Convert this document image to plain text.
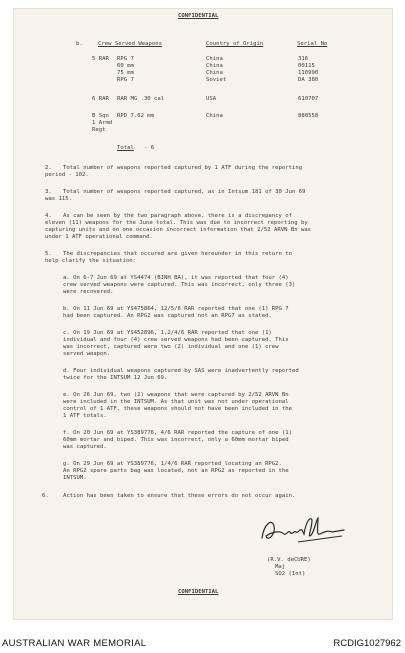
CONFIDENTIAL
b.	Crew Served Weapons	Country of Origin	Serial No
5 RAR RPG 7	China	316
60 mm	China	00115
75 mm	China	110990
RPG 7	Soviet	DA 380
6 RAR RAR MG .30 cal	USA	610707
B Sqn RPD 7.62 mm	China	880558
1 Armd
Regt
Total - 6
2. Total number of weapons reported captured by 1 ATF during the reporting
period - 102.
3. Total number of weapons reported captured, as in Intsum 181 of 30 Jun 69
was 115.
4. As can be seen by the two paragraph above, there is a discrepancy of
eleven (11) weapons for the June total. This was due to incorrect reporting by
capturing units and on one occasion incorrect information that 2/52 ARVN Bn was
under 1 ATF operational command.
5. The discrepancies that occured are given hereunder in this return to
help clarify the situation:
a. On 6-7 Jun 69 at YS4474 (BINH BA), it was reported that four (4)
crew served weapons were captured. This was incorrect, only three (3)
were recovered.
b. On 11 Jun 69 at YS475864, 12/5/6 RAR reported that one (1) RPG 7
had been captured. An RPG2 was captured not an RPG7 as stated.
c. On 19 Jun 69 at YS452896, 1,2/4/6 RAR reported that one (1)
individual and four (4) crew served weapons had been captured. This
was incorrect, captured were two (2) individual and one (1) crew
served weapon.
d. Four individual weapons captured by SAS were inadvertently reported
twice for the INTSUM 12 Jun 69.
e. On 26 Jun 69, two (2) weapons that were captured by 2/52 ARVN Bn
were included in the INTSUM. As that unit was not under operational
control of 1 ATF, these weapons should not have been included in the
1 ATF totals.
f. On 20 Jun 69 at YS389776, 4/6 RAR reported the capture of one (1)
60mm mortar and biped. This was incorrect, only a 60mm mortar biped
was captured.
g. On 29 Jun 69 at YS389776, 1/4/6 RAR reported locating an RPG2.
An RPG2 spare parts bag was located, not an RPG2 as reported in the
INTSUM.
6.	Action has been taken to ensure that these errors do not occur again.
(R.V. deCURE)
Maj
SO2 (Int)
CONFIDENTIAL
AUSTRALIAN WAR MEMORIAL	RCDIG1027962
